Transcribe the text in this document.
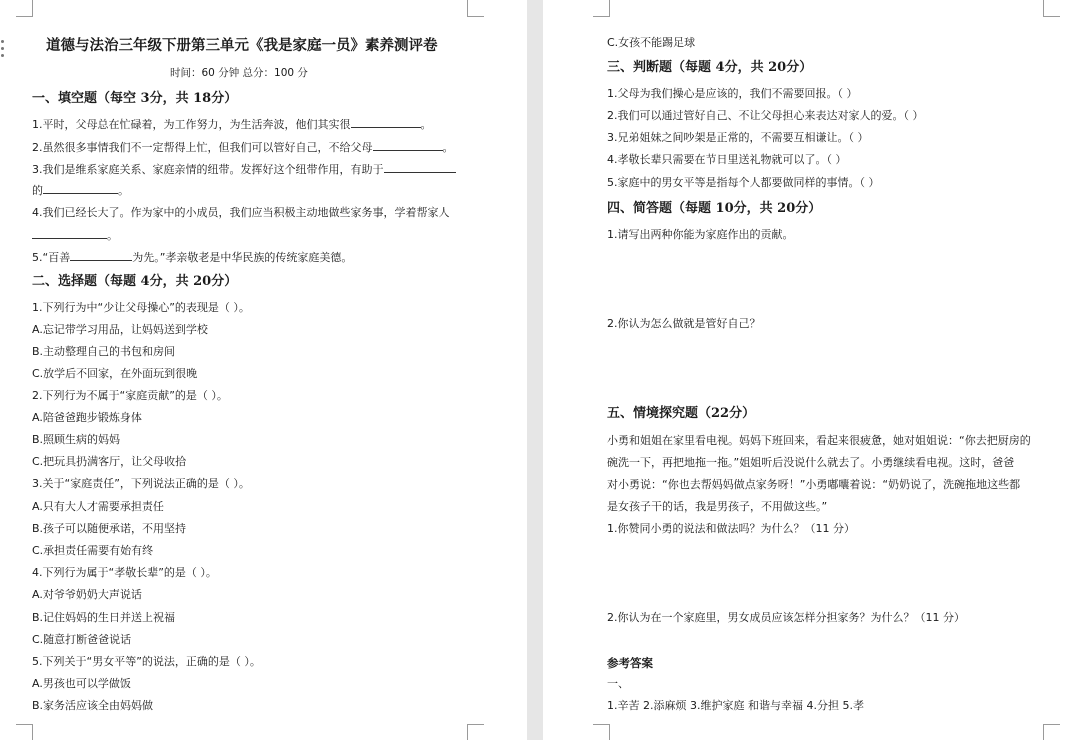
道德与法治三年级下册第三单元《我是家庭一员》素养测评卷
时间：60 分钟 总分：100 分
一、填空题（每空 3分，共 18分）
1.平时，父母总在忙碌着，为工作努力，为生活奔波，他们其实很	。
2.虽然很多事情我们不一定帮得上忙，但我们可以管好自己，不给父母	。
3.我们是维系家庭关系、家庭亲情的纽带。发挥好这个纽带作用，有助于
的	。
4.我们已经长大了。作为家中的小成员，我们应当积极主动地做些家务事，学着帮家人
。
5.“百善	为先。”孝亲敬老是中华民族的传统家庭美德。
二、选择题（每题 4分，共 20分）
1.下列行为中“少让父母操心”的表现是（ ）。
A.忘记带学习用品，让妈妈送到学校
B.主动整理自己的书包和房间
C.放学后不回家，在外面玩到很晚
2.下列行为不属于“家庭贡献”的是（ ）。
A.陪爸爸跑步锻炼身体
B.照顾生病的妈妈
C.把玩具扔满客厅，让父母收拾
3.关于“家庭责任”，下列说法正确的是（ ）。
A.只有大人才需要承担责任
B.孩子可以随便承诺，不用坚持
C.承担责任需要有始有终
4.下列行为属于“孝敬长辈”的是（ ）。
A.对爷爷奶奶大声说话
B.记住妈妈的生日并送上祝福
C.随意打断爸爸说话
5.下列关于“男女平等”的说法，正确的是（ ）。
A.男孩也可以学做饭
B.家务活应该全由妈妈做
C.女孩不能踢足球
三、判断题（每题 4分，共 20分）
1.父母为我们操心是应该的，我们不需要回报。（ ）
2.我们可以通过管好自己、不让父母担心来表达对家人的爱。（ ）
3.兄弟姐妹之间吵架是正常的，不需要互相谦让。（ ）
4.孝敬长辈只需要在节日里送礼物就可以了。（ ）
5.家庭中的男女平等是指每个人都要做同样的事情。（ ）
四、简答题（每题 10分，共 20分）
1.请写出两种你能为家庭作出的贡献。
2.你认为怎么做就是管好自己？
五、情境探究题（22分）
小勇和姐姐在家里看电视。妈妈下班回来，看起来很疲惫，她对姐姐说：“你去把厨房的
碗洗一下，再把地拖一拖。”姐姐听后没说什么就去了。小勇继续看电视。这时，爸爸
对小勇说：“你也去帮妈妈做点家务呀！”小勇嘟囔着说：“奶奶说了，洗碗拖地这些都
是女孩子干的话，我是男孩子，不用做这些。”
1.你赞同小勇的说法和做法吗？为什么？（11 分）
2.你认为在一个家庭里，男女成员应该怎样分担家务？为什么？（11 分）
参考答案
一、
1.辛苦 2.添麻烦 3.维护家庭 和谐与幸福 4.分担 5.孝
